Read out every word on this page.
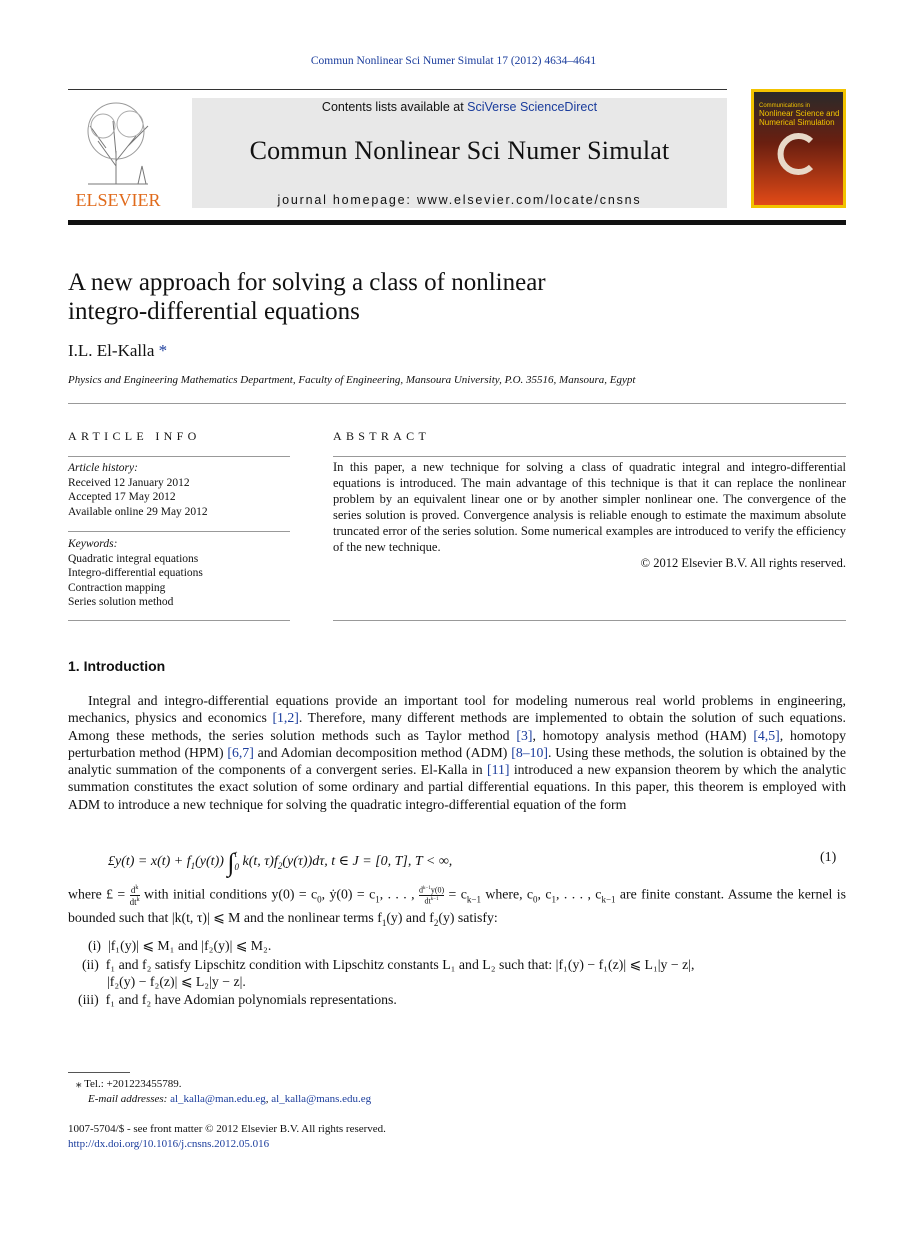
Commun Nonlinear Sci Numer Simulat 17 (2012) 4634–4641
ELSEVIER
Contents lists available at SciVerse ScienceDirect
Commun Nonlinear Sci Numer Simulat
journal homepage: www.elsevier.com/locate/cnsns
Communications in
Nonlinear Science and
Numerical Simulation
A new approach for solving a class of nonlinear
integro-differential equations
I.L. El-Kalla *
Physics and Engineering Mathematics Department, Faculty of Engineering, Mansoura University, P.O. 35516, Mansoura, Egypt
ARTICLE INFO
Article history:
Received 12 January 2012
Accepted 17 May 2012
Available online 29 May 2012
Keywords:
Quadratic integral equations
Integro-differential equations
Contraction mapping
Series solution method
ABSTRACT
In this paper, a new technique for solving a class of quadratic integral and integro-differential equations is introduced. The main advantage of this technique is that it can replace the nonlinear problem by an equivalent linear one or by another simpler nonlinear one. The convergence of the series solution is proved. Convergence analysis is reliable enough to estimate the maximum absolute truncated error of the series solution. Some numerical examples are introduced to verify the efficiency of the new technique.
© 2012 Elsevier B.V. All rights reserved.
1. Introduction
Integral and integro-differential equations provide an important tool for modeling numerous real world problems in engineering, mechanics, physics and economics [1,2]. Therefore, many different methods are implemented to obtain the solution of such equations. Among these methods, the series solution methods such as Taylor method [3], homotopy analysis method (HAM) [4,5], homotopy perturbation method (HPM) [6,7] and Adomian decomposition method (ADM) [8–10]. Using these methods, the solution is obtained by the analytic summation of the components of a convergent series. El-Kalla in [11] introduced a new expansion theorem by which the analytic summation constitutes the exact solution of some ordinary and partial differential equations. In this paper, this theorem is employed with ADM to introduce a new technique for solving the quadratic integro-differential equation of the form
£y(t) = $x(t) + f_1(y(t))$ ∫ t
0 k(t, $\tau)f_2(y(\tau))d\tau$, t ∈ J = [0, T], T < ∞,	(1)
where £ = $d^k$
$dt^k$ with initial conditions $y(0) = c_0$, ẏ(0) = $c_1$, . . . , $d^{k-1}y(0)$
$dt^{k-1} = c_{k-1}$ where, $c_0$, $c_1$, . . . , $c_{k-1}$ are finite constant. Assume the kernel is bounded such that |k(t, τ)| ⩽ M and the nonlinear terms $f_1(y)$ and $f_2(y)$ satisfy:
(i) |f₁(y)| ⩽ M₁ and |f₂(y)| ⩽ M₂.
(ii) f₁ and f₂ satisfy Lipschitz condition with Lipschitz constants L₁ and L₂ such that: |f₁(y) − f₁(z)| ⩽ L₁|y − z|,
|f₂(y) − f₂(z)| ⩽ L₂|y − z|.
(iii) f₁ and f₂ have Adomian polynomials representations.
⁎ Tel.: +201223455789.
E-mail addresses: al_kalla@man.edu.eg, al_kalla@mans.edu.eg
1007-5704/$ - see front matter © 2012 Elsevier B.V. All rights reserved.
http://dx.doi.org/10.1016/j.cnsns.2012.05.016
